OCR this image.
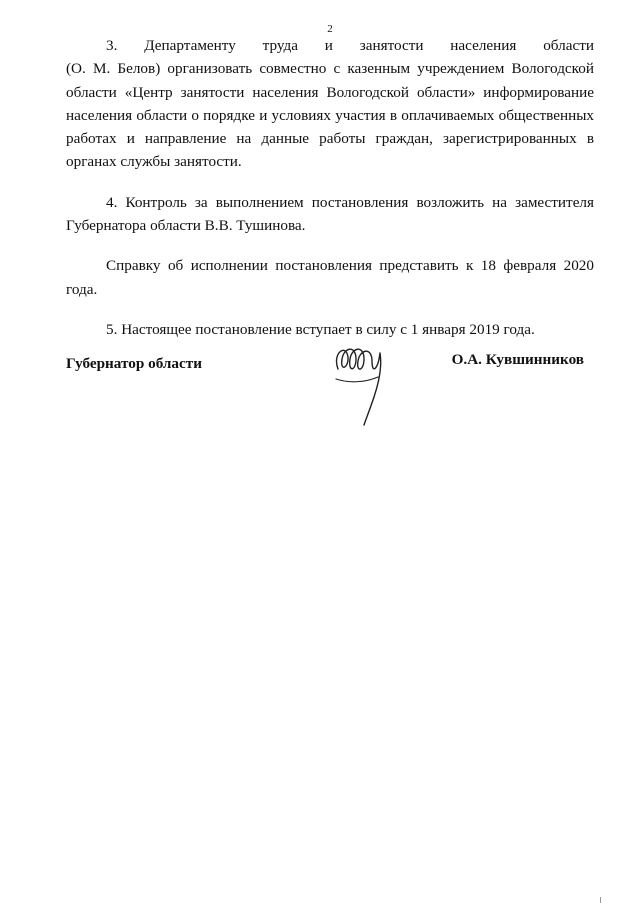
2
3. Департаменту труда и занятости населения области
(О. М. Белов) организовать совместно с казенным учреждением Вологодской области «Центр занятости населения Вологодской области» информирование населения области о порядке и условиях участия в оплачиваемых общественных работах и направление на данные работы граждан, зарегистрированных в органах службы занятости.

4. Контроль за выполнением постановления возложить на заместителя Губернатора области В.В. Тушинова.

Справку об исполнении постановления представить к 18 февраля 2020 года.

5. Настоящее постановление вступает в силу с 1 января 2019 года.

Губернатор области	О.А. Кувшинников
